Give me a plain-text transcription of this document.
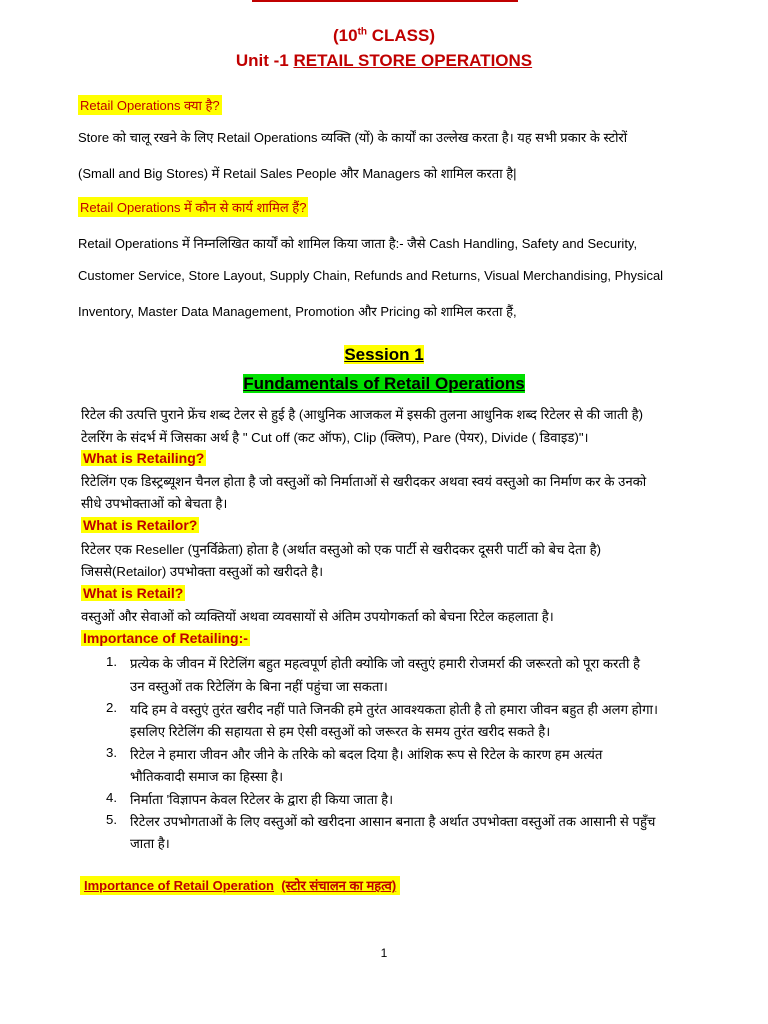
(10th CLASS)
Unit -1 RETAIL STORE OPERATIONS
Retail Operations क्या है?
Store को चालू रखने के लिए Retail Operations व्यक्ति (यों) के कार्यों का उल्लेख करता है। यह सभी प्रकार के स्टोरों
(Small and Big Stores) में Retail Sales People और Managers को शामिल करता है|
Retail Operations में कौन से कार्य शामिल हैं?
Retail Operations में निम्नलिखित कार्यों को शामिल किया जाता है:- जैसे Cash Handling, Safety and Security,
Customer Service, Store Layout, Supply Chain, Refunds and Returns, Visual Merchandising, Physical
Inventory, Master Data Management, Promotion और Pricing को शामिल करता हैं,
Session 1
Fundamentals of Retail Operations
रिटेल की उत्पत्ति पुराने फ्रेंच शब्द टेलर से हुई है (आधुनिक आजकल में इसकी तुलना आधुनिक शब्द रिटेलर से की जाती है)
टेलरिंग के संदर्भ में जिसका अर्थ है " Cut off (कट ऑफ), Clip (क्लिप), Pare (पेयर), Divide ( डिवाइड)"।
What is Retailing?
रिटेलिंग एक डिस्ट्रब्यूशन चैनल होता है जो वस्तुओं को निर्माताओं से खरीदकर अथवा स्वयं वस्तुओ का निर्माण कर के उनको
सीधे उपभोक्ताओं को बेचता है।
What is Retailor?
रिटेलर एक Reseller (पुनर्विक्रेता) होता है (अर्थात वस्तुओ को एक पार्टी से खरीदकर दूसरी पार्टी को बेच देता है)
जिससे(Retailor) उपभोक्ता वस्तुओं को खरीदते है।
What is Retail?
वस्तुओं और सेवाओं को व्यक्तियों अथवा व्यवसायों से अंतिम उपयोगकर्ता को बेचना रिटेल कहलाता है।
Importance of Retailing:-
1. प्रत्येक के जीवन में रिटेलिंग बहुत महत्वपूर्ण होती क्योकि जो वस्तुएं हमारी रोजमर्रा की जरूरतो को पूरा करती है
उन वस्तुओं तक रिटेलिंग के बिना नहीं पहुंचा जा सकता।
2. यदि हम वे वस्तुएं तुरंत खरीद नहीं पाते जिनकी हमे तुरंत आवश्यकता होती है तो हमारा जीवन बहुत ही अलग होगा।
इसलिए रिटेलिंग की सहायता से हम ऐसी वस्तुओं को जरूरत के समय तुरंत खरीद सकते है।
3. रिटेल ने हमारा जीवन और जीने के तरिके को बदल दिया है। आंशिक रूप से रिटेल के कारण हम अत्यंत
भौतिकवादी समाज का हिस्सा है।
4. निर्माता 'विज्ञापन केवल रिटेलर के द्वारा ही किया जाता है।
5. रिटेलर उपभोगताओं के लिए वस्तुओं को खरीदना आसान बनाता है अर्थात उपभोक्ता वस्तुओं तक आसानी से पहुँच
जाता है।
Importance of Retail Operation (स्टोर संचालन का महत्व)
1
